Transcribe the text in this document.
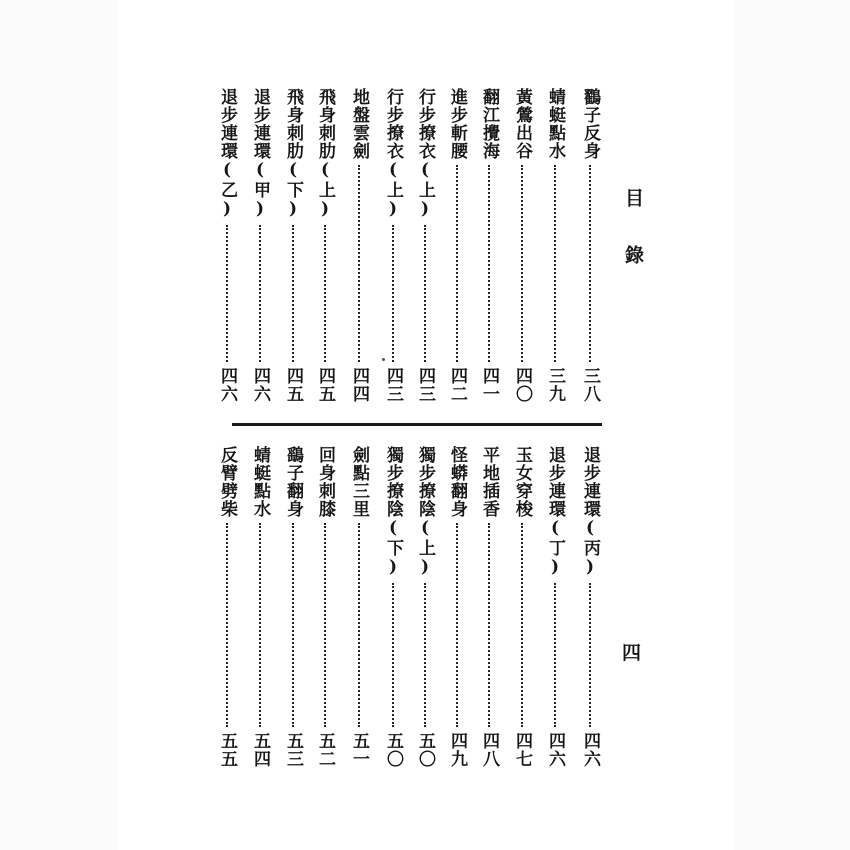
目錄
四
鸐子反身
三八
蜻蜓點水
三九
黃鶯出谷
四〇
翻江攪海
四一
進步斬腰
四二
行步撩衣(上)
四三
行步撩衣(上)
四三
地盤雲劍
四四
飛身刺肋(上)
四五
飛身刺肋(下)
四五
退步連環(甲)
四六
退步連環(乙)
四六
退步連環(丙)
四六
退步連環(丁)
四六
玉女穿梭
四七
平地插香
四八
怪蟒翻身
四九
獨步撩陰(上)
五〇
獨步撩陰(下)
五〇
劍點三里
五一
回身刺膝
五二
鷂子翻身
五三
蜻蜓點水
五四
反臂劈柴
五五
